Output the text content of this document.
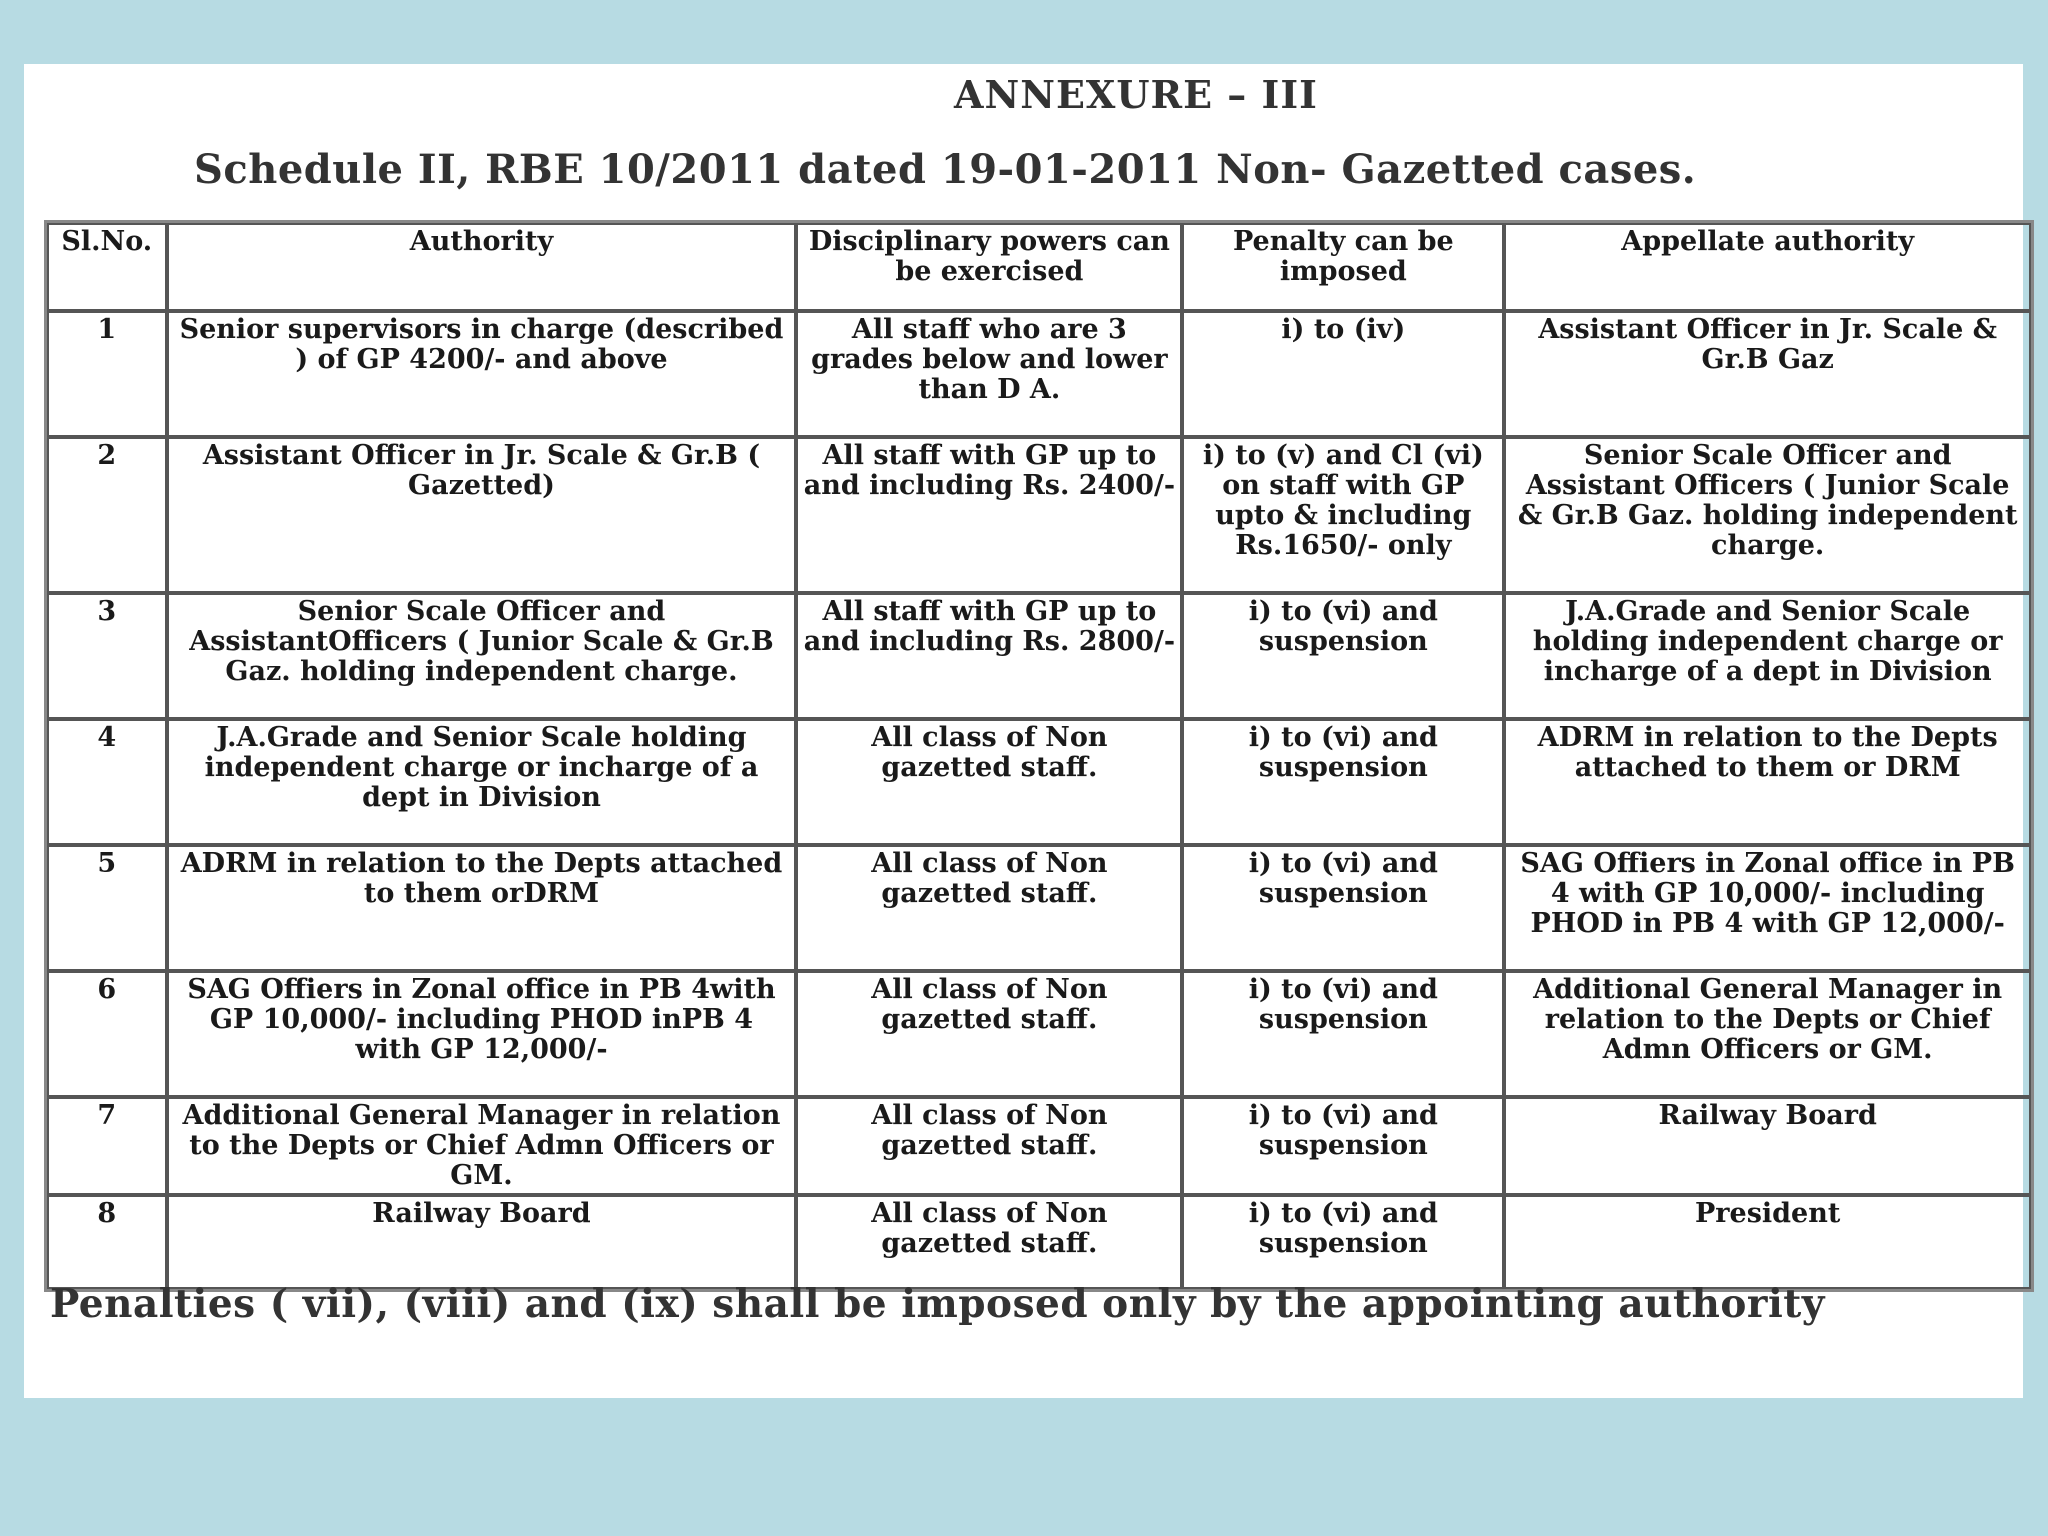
ANNEXURE – III
Schedule II, RBE 10/2011 dated 19-01-2011 Non- Gazetted cases.
Sl.No.	Authority	Disciplinary powers can be exercised	Penalty can be imposed	Appellate authority
1	Senior supervisors in charge (described ) of GP 4200/- and above	All staff who are 3 grades below and lower than D A.	i) to (iv)	Assistant Officer in Jr. Scale & Gr.B Gaz
2	Assistant Officer in Jr. Scale & Gr.B ( Gazetted)	All staff with GP up to and including Rs. 2400/-	i) to (v) and Cl (vi) on staff with GP upto & including Rs.1650/- only	Senior Scale Officer and Assistant Officers ( Junior Scale & Gr.B Gaz. holding independent charge.
3	Senior Scale Officer and AssistantOfficers ( Junior Scale & Gr.B Gaz. holding independent charge.	All staff with GP up to and including Rs. 2800/-	i) to (vi) and suspension	J.A.Grade and Senior Scale holding independent charge or incharge of a dept in Division
4	J.A.Grade and Senior Scale holding independent charge or incharge of a dept in Division	All class of Non gazetted staff.	i) to (vi) and suspension	ADRM in relation to the Depts attached to them or DRM
5	ADRM in relation to the Depts attached to them orDRM	All class of Non gazetted staff.	i) to (vi) and suspension	SAG Offiers in Zonal office in PB 4 with GP 10,000/- including PHOD in PB 4 with GP 12,000/-
6	SAG Offiers in Zonal office in PB 4with GP 10,000/- including PHOD inPB 4 with GP 12,000/-	All class of Non gazetted staff.	i) to (vi) and suspension	Additional General Manager in relation to the Depts or Chief Admn Officers or GM.
7	Additional General Manager in relation to the Depts or Chief Admn Officers or GM.	All class of Non gazetted staff.	i) to (vi) and suspension	Railway Board
8	Railway Board	All class of Non gazetted staff.	i) to (vi) and suspension	President
Penalties ( vii), (viii) and (ix) shall be imposed only by the appointing authority
